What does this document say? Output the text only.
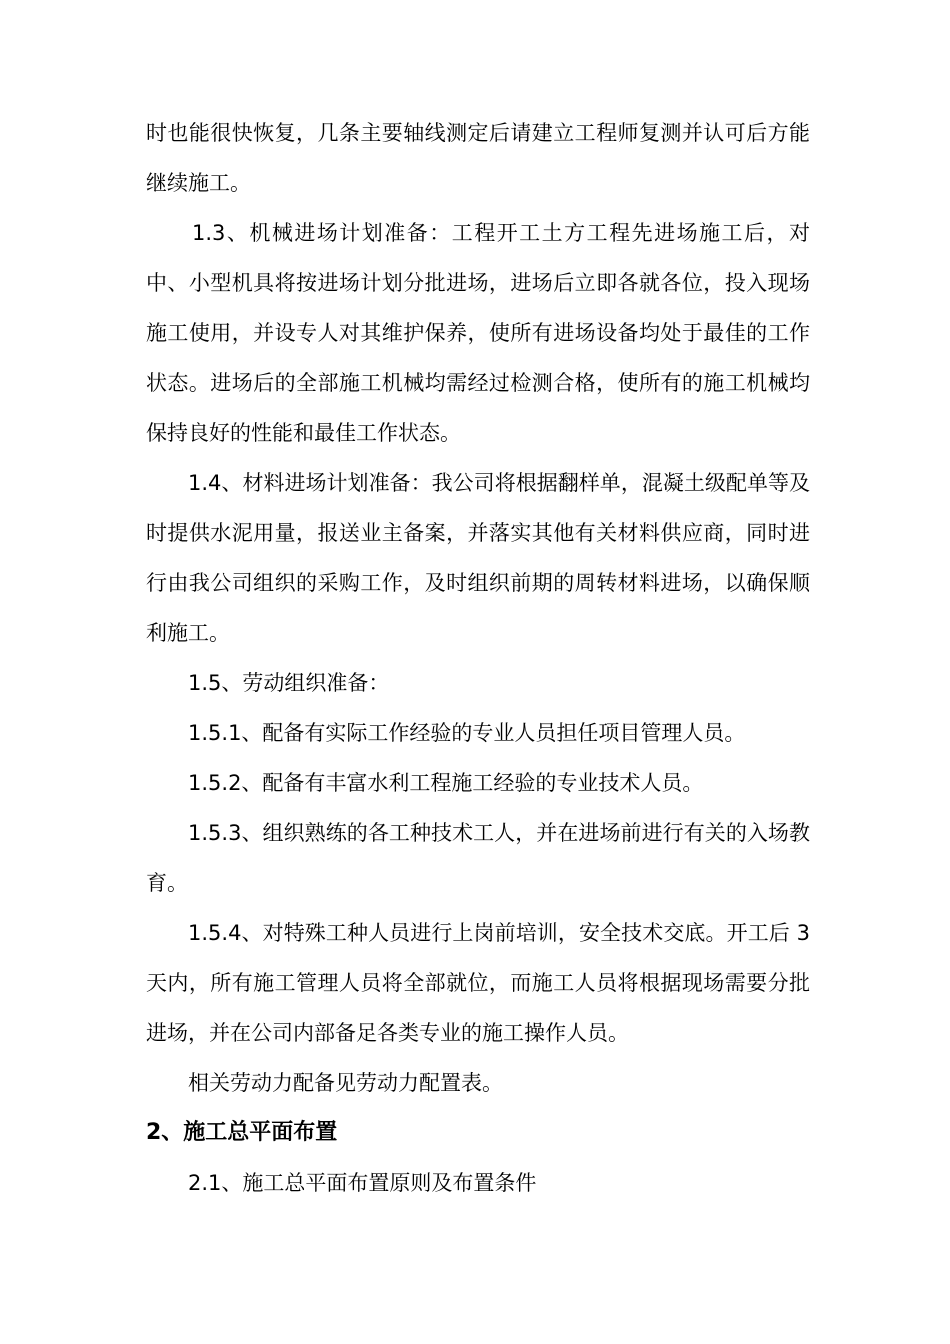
时也能很快恢复，几条主要轴线测定后请建立工程师复测并认可后方能继续施工。

1.3、机械进场计划准备：工程开工土方工程先进场施工后，对中、小型机具将按进场计划分批进场，进场后立即各就各位，投入现场施工使用，并设专人对其维护保养，使所有进场设备均处于最佳的工作状态。进场后的全部施工机械均需经过检测合格，使所有的施工机械均保持良好的性能和最佳工作状态。

1.4、材料进场计划准备：我公司将根据翻样单，混凝土级配单等及时提供水泥用量，报送业主备案，并落实其他有关材料供应商，同时进行由我公司组织的采购工作，及时组织前期的周转材料进场，以确保顺利施工。

1.5、劳动组织准备：

1.5.1、配备有实际工作经验的专业人员担任项目管理人员。

1.5.2、配备有丰富水利工程施工经验的专业技术人员。

1.5.3、组织熟练的各工种技术工人，并在进场前进行有关的入场教育。

1.5.4、对特殊工种人员进行上岗前培训，安全技术交底。开工后 3 天内，所有施工管理人员将全部就位，而施工人员将根据现场需要分批进场，并在公司内部备足各类专业的施工操作人员。

相关劳动力配备见劳动力配置表。

2、施工总平面布置

2.1、施工总平面布置原则及布置条件
